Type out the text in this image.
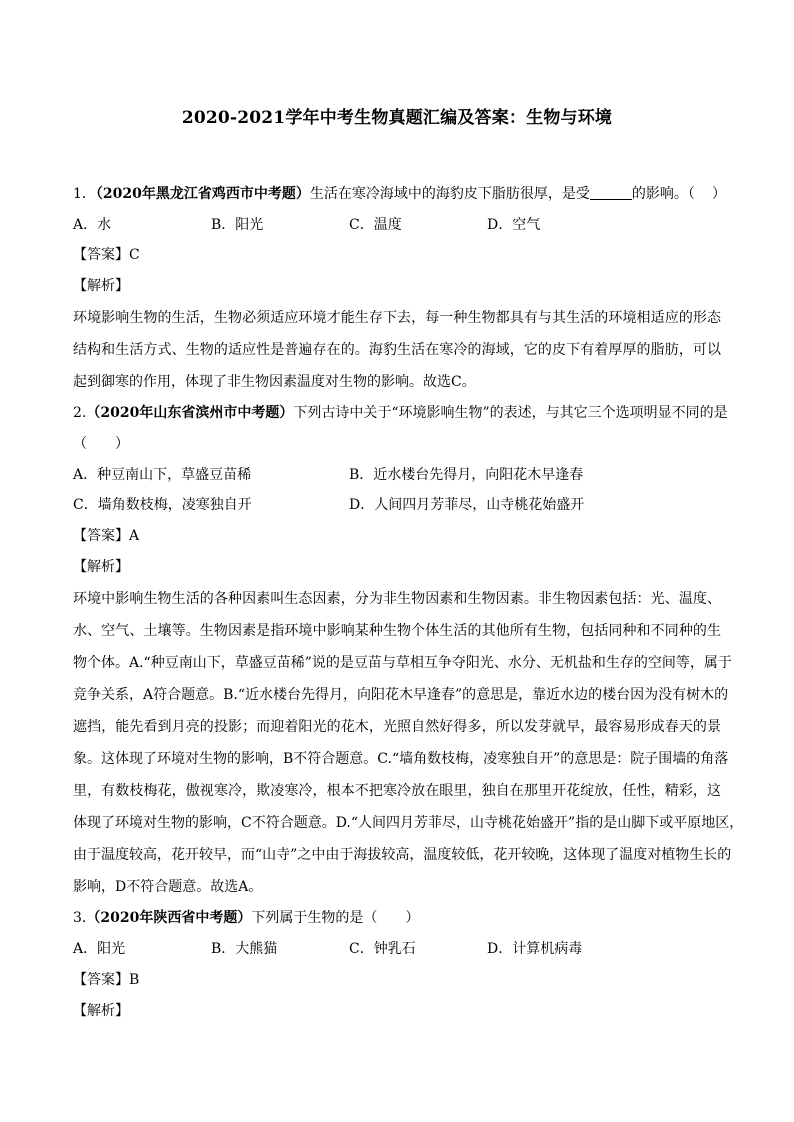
2020-2021学年中考生物真题汇编及答案：生物与环境
1．（2020年黑龙江省鸡西市中考题）生活在寒冷海域中的海豹皮下脂肪很厚，是受	的影响。（	）
A．水	B．阳光	C．温度	D．空气
【答案】C
【解析】
环境影响生物的生活，生物必须适应环境才能生存下去，每一种生物都具有与其生活的环境相适应的形态
结构和生活方式、生物的适应性是普遍存在的。海豹生活在寒冷的海域，它的皮下有着厚厚的脂肪，可以
起到御寒的作用，体现了非生物因素温度对生物的影响。故选C。
2.（2020年山东省滨州市中考题）下列古诗中关于“环境影响生物”的表述，与其它三个选项明显不同的是
（　　）
A．种豆南山下，草盛豆苗稀	B．近水楼台先得月，向阳花木早逢春
C．墙角数枝梅，凌寒独自开	D．人间四月芳菲尽，山寺桃花始盛开
【答案】A
【解析】
环境中影响生物生活的各种因素叫生态因素，分为非生物因素和生物因素。非生物因素包括：光、温度、
水、空气、土壤等。生物因素是指环境中影响某种生物个体生活的其他所有生物，包括同种和不同种的生
物个体。A.“种豆南山下，草盛豆苗稀”说的是豆苗与草相互争夺阳光、水分、无机盐和生存的空间等，属于
竞争关系，A符合题意。B.“近水楼台先得月，向阳花木早逢春”的意思是，靠近水边的楼台因为没有树木的
遮挡，能先看到月亮的投影；而迎着阳光的花木，光照自然好得多，所以发芽就早，最容易形成春天的景
象。这体现了环境对生物的影响，B不符合题意。C.“墙角数枝梅，凌寒独自开”的意思是：院子围墙的角落
里，有数枝梅花，傲视寒冷，欺凌寒冷，根本不把寒冷放在眼里，独自在那里开花绽放，任性，精彩，这
体现了环境对生物的影响，C不符合题意。D.“人间四月芳菲尽，山寺桃花始盛开”指的是山脚下或平原地区，
由于温度较高，花开较早，而“山寺”之中由于海拔较高，温度较低，花开较晚，这体现了温度对植物生长的
影响，D不符合题意。故选A。
3.（2020年陕西省中考题）下列属于生物的是（　　）
A．阳光	B．大熊猫	C．钟乳石	D．计算机病毒
【答案】B
【解析】
